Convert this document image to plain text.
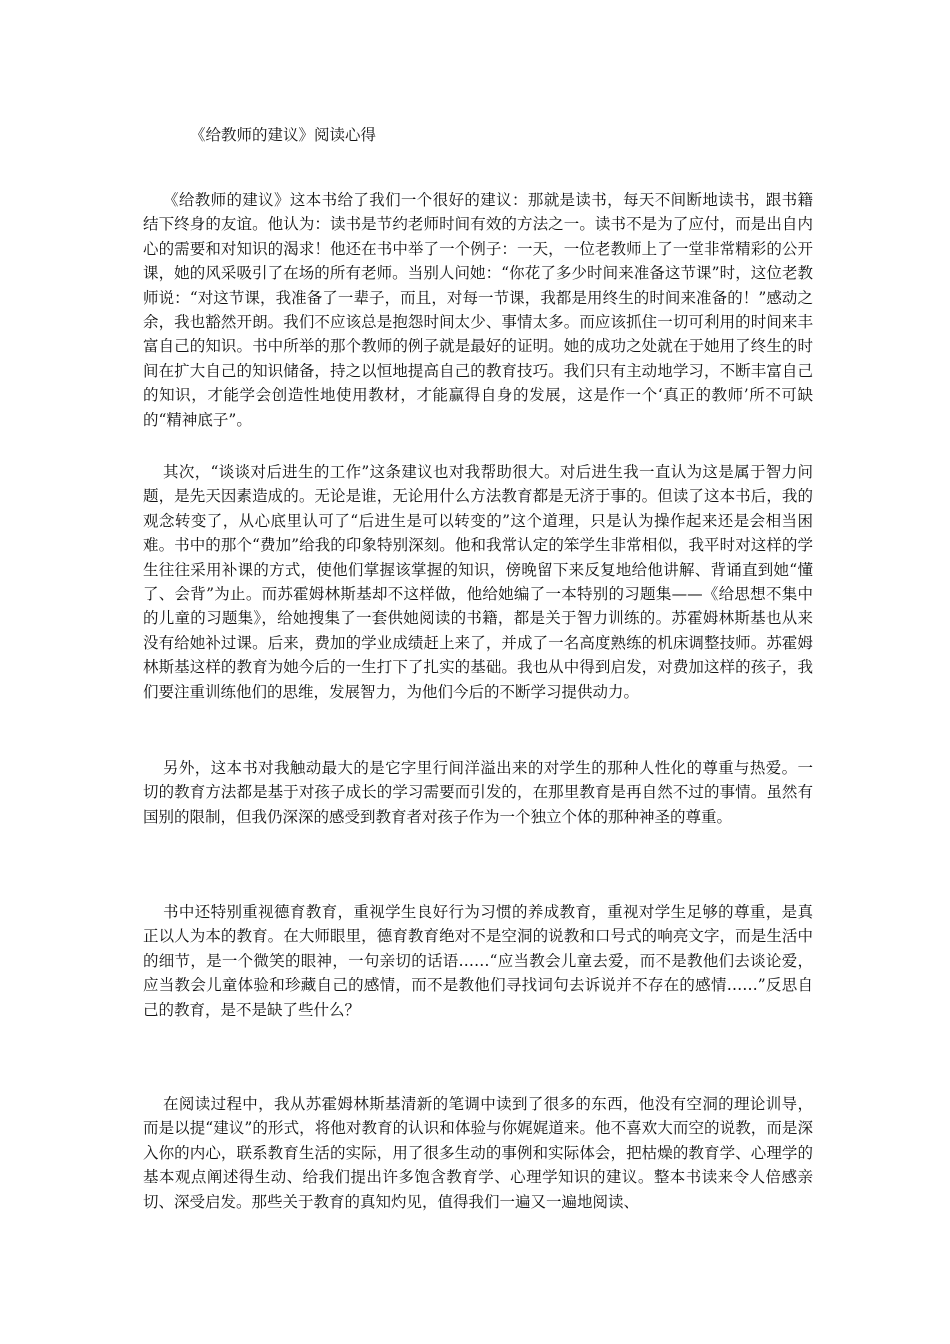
《给教师的建议》阅读心得

《给教师的建议》这本书给了我们一个很好的建议：那就是读书，每天不间断地读书，跟书籍结下终身的友谊。他认为：读书是节约老师时间有效的方法之一。读书不是为了应付，而是出自内心的需要和对知识的渴求！他还在书中举了一个例子：一天，一位老教师上了一堂非常精彩的公开课，她的风采吸引了在场的所有老师。当别人问她：“你花了多少时间来准备这节课”时，这位老教师说：“对这节课，我准备了一辈子，而且，对每一节课，我都是用终生的时间来准备的！”感动之余，我也豁然开朗。我们不应该总是抱怨时间太少、事情太多。而应该抓住一切可利用的时间来丰富自己的知识。书中所举的那个教师的例子就是最好的证明。她的成功之处就在于她用了终生的时间在扩大自己的知识储备，持之以恒地提高自己的教育技巧。我们只有主动地学习，不断丰富自己的知识，才能学会创造性地使用教材，才能赢得自身的发展，这是作一个‘真正的教师’所不可缺的“精神底子”。

其次，“谈谈对后进生的工作”这条建议也对我帮助很大。对后进生我一直认为这是属于智力问题，是先天因素造成的。无论是谁，无论用什么方法教育都是无济于事的。但读了这本书后，我的观念转变了，从心底里认可了“后进生是可以转变的”这个道理，只是认为操作起来还是会相当困难。书中的那个“费加”给我的印象特别深刻。他和我常认定的笨学生非常相似，我平时对这样的学生往往采用补课的方式，使他们掌握该掌握的知识，傍晚留下来反复地给他讲解、背诵直到她“懂了、会背”为止。而苏霍姆林斯基却不这样做，他给她编了一本特别的习题集——《给思想不集中的儿童的习题集》，给她搜集了一套供她阅读的书籍，都是关于智力训练的。苏霍姆林斯基也从来没有给她补过课。后来，费加的学业成绩赶上来了，并成了一名高度熟练的机床调整技师。苏霍姆林斯基这样的教育为她今后的一生打下了扎实的基础。我也从中得到启发，对费加这样的孩子，我们要注重训练他们的思维，发展智力，为他们今后的不断学习提供动力。

另外，这本书对我触动最大的是它字里行间洋溢出来的对学生的那种人性化的尊重与热爱。一切的教育方法都是基于对孩子成长的学习需要而引发的，在那里教育是再自然不过的事情。虽然有国别的限制，但我仍深深的感受到教育者对孩子作为一个独立个体的那种神圣的尊重。

书中还特别重视德育教育，重视学生良好行为习惯的养成教育，重视对学生足够的尊重，是真正以人为本的教育。在大师眼里，德育教育绝对不是空洞的说教和口号式的响亮文字，而是生活中的细节，是一个微笑的眼神，一句亲切的话语……“应当教会儿童去爱，而不是教他们去谈论爱，应当教会儿童体验和珍藏自己的感情，而不是教他们寻找词句去诉说并不存在的感情……”反思自己的教育，是不是缺了些什么？

在阅读过程中，我从苏霍姆林斯基清新的笔调中读到了很多的东西，他没有空洞的理论训导，而是以提“建议”的形式，将他对教育的认识和体验与你娓娓道来。他不喜欢大而空的说教，而是深入你的内心，联系教育生活的实际，用了很多生动的事例和实际体会，把枯燥的教育学、心理学的基本观点阐述得生动、给我们提出许多饱含教育学、心理学知识的建议。整本书读来令人倍感亲切、深受启发。那些关于教育的真知灼见，值得我们一遍又一遍地阅读、
